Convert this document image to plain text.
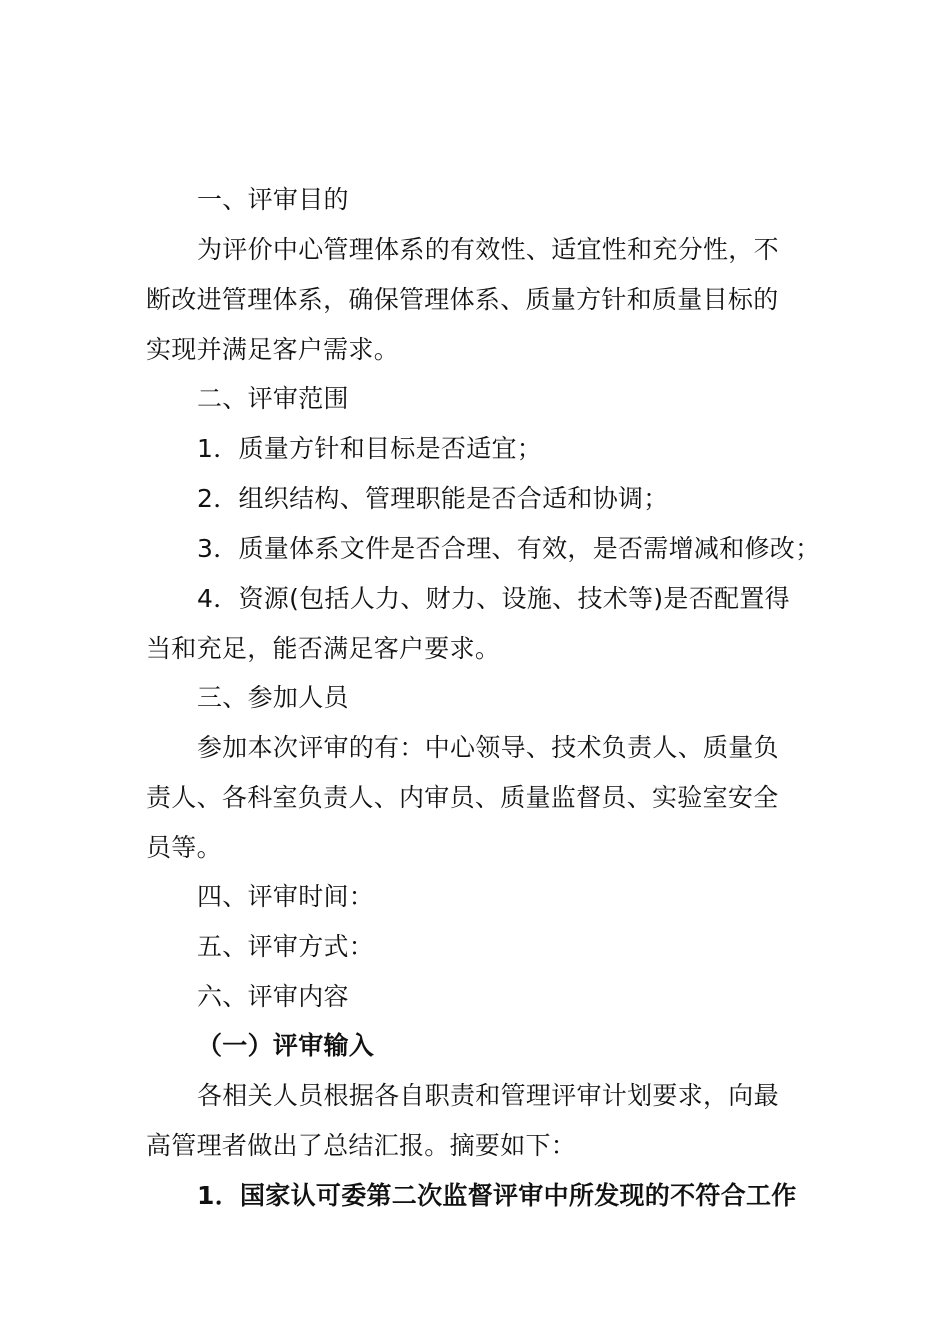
一、评审目的
为评价中心管理体系的有效性、适宜性和充分性，不
断改进管理体系，确保管理体系、质量方针和质量目标的
实现并满足客户需求。
二、评审范围
1．质量方针和目标是否适宜；
2．组织结构、管理职能是否合适和协调；
3．质量体系文件是否合理、有效，是否需增减和修改；
4．资源(包括人力、财力、设施、技术等)是否配置得
当和充足，能否满足客户要求。
三、参加人员
参加本次评审的有：中心领导、技术负责人、质量负
责人、各科室负责人、内审员、质量监督员、实验室安全
员等。
四、评审时间：
五、评审方式：
六、评审内容
（一）评审输入
各相关人员根据各自职责和管理评审计划要求，向最
高管理者做出了总结汇报。摘要如下：
1．国家认可委第二次监督评审中所发现的不符合工作
